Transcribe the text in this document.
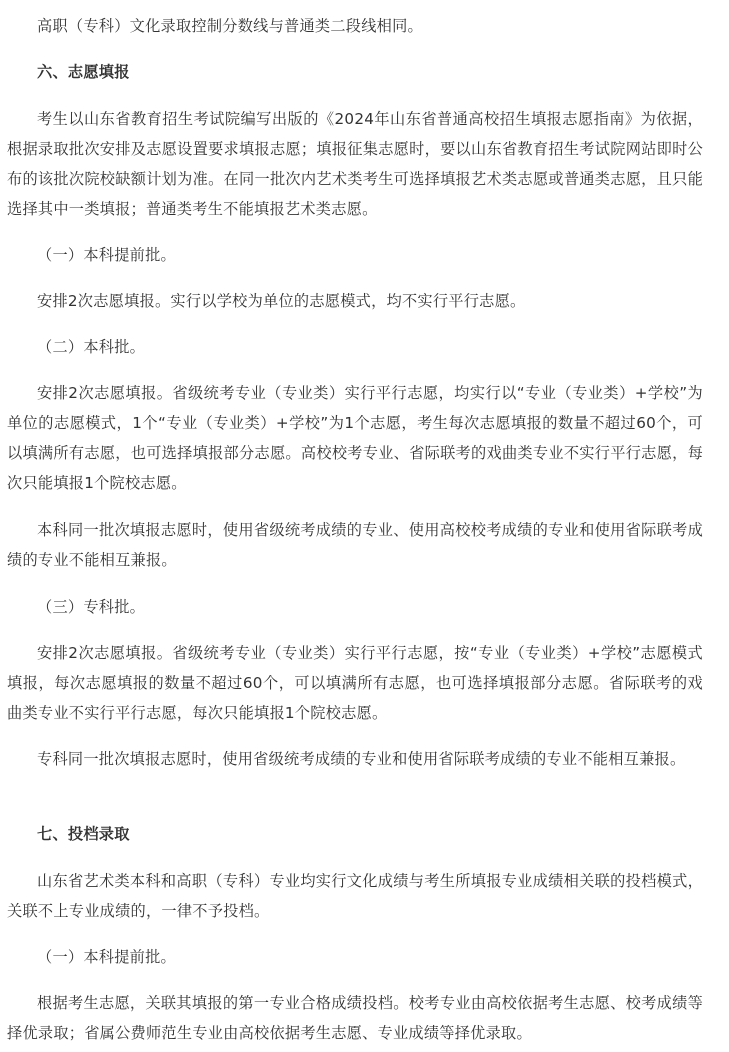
高职（专科）文化录取控制分数线与普通类二段线相同。

六、志愿填报

考生以山东省教育招生考试院编写出版的《2024年山东省普通高校招生填报志愿指南》为依据，根据录取批次安排及志愿设置要求填报志愿；填报征集志愿时，要以山东省教育招生考试院网站即时公布的该批次院校缺额计划为准。在同一批次内艺术类考生可选择填报艺术类志愿或普通类志愿，且只能选择其中一类填报；普通类考生不能填报艺术类志愿。

（一）本科提前批。

安排2次志愿填报。实行以学校为单位的志愿模式，均不实行平行志愿。

（二）本科批。

安排2次志愿填报。省级统考专业（专业类）实行平行志愿，均实行以“专业（专业类）+学校”为单位的志愿模式，1个“专业（专业类）+学校”为1个志愿，考生每次志愿填报的数量不超过60个，可以填满所有志愿，也可选择填报部分志愿。高校校考专业、省际联考的戏曲类专业不实行平行志愿，每次只能填报1个院校志愿。

本科同一批次填报志愿时，使用省级统考成绩的专业、使用高校校考成绩的专业和使用省际联考成绩的专业不能相互兼报。

（三）专科批。

安排2次志愿填报。省级统考专业（专业类）实行平行志愿，按“专业（专业类）+学校”志愿模式填报，每次志愿填报的数量不超过60个，可以填满所有志愿，也可选择填报部分志愿。省际联考的戏曲类专业不实行平行志愿，每次只能填报1个院校志愿。

专科同一批次填报志愿时，使用省级统考成绩的专业和使用省际联考成绩的专业不能相互兼报。

七、投档录取

山东省艺术类本科和高职（专科）专业均实行文化成绩与考生所填报专业成绩相关联的投档模式，关联不上专业成绩的，一律不予投档。

（一）本科提前批。

根据考生志愿，关联其填报的第一专业合格成绩投档。校考专业由高校依据考生志愿、校考成绩等择优录取；省属公费师范生专业由高校依据考生志愿、专业成绩等择优录取。
